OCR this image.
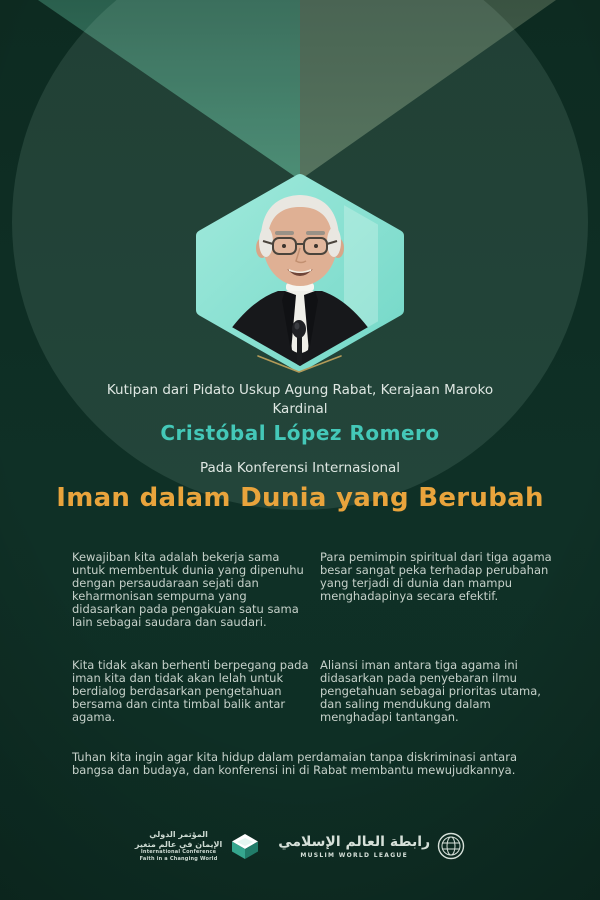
Kutipan dari Pidato Uskup Agung Rabat, Kerajaan Maroko
Kardinal
Cristóbal López Romero
Pada Konferensi Internasional
Iman dalam Dunia yang Berubah
Kewajiban kita adalah bekerja sama untuk membentuk dunia yang dipenuhu dengan persaudaraan sejati dan keharmonisan sempurna yang didasarkan pada pengakuan satu sama lain sebagai saudara dan saudari.
Kita tidak akan berhenti berpegang pada iman kita dan tidak akan lelah untuk berdialog berdasarkan pengetahuan bersama dan cinta timbal balik antar agama.
Para pemimpin spiritual dari tiga agama besar sangat peka terhadap perubahan yang terjadi di dunia dan mampu menghadapinya secara efektif.
Aliansi iman antara tiga agama ini didasarkan pada penyebaran ilmu pengetahuan sebagai prioritas utama, dan saling mendukung dalam menghadapi tantangan.
Tuhan kita ingin agar kita hidup dalam perdamaian tanpa diskriminasi antara bangsa dan budaya, dan konferensi ini di Rabat membantu mewujudkannya.
المؤتمر الدولي
الإيمان في عالم متغير
International Conference
Faith in a Changing World
رابطة العالم الإسلامي
MUSLIM WORLD LEAGUE
